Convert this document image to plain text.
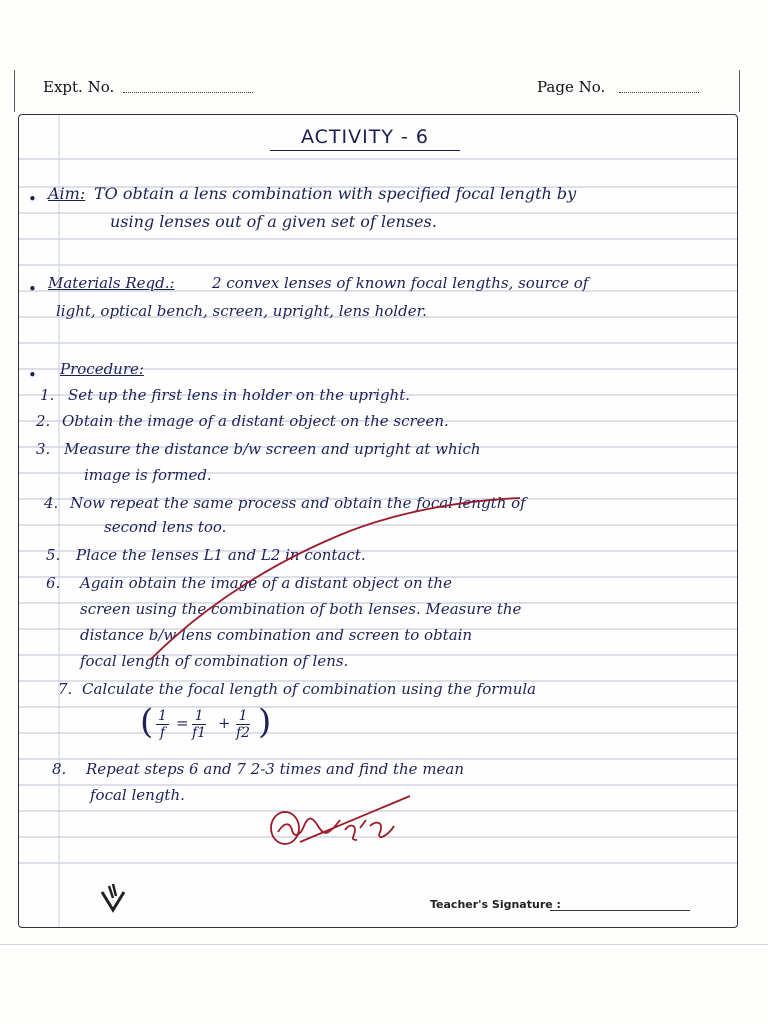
Expt. No.	Page No.
ACTIVITY - 6
• Aim: TO obtain a lens combination with specified focal length by
using lenses out of a given set of lenses.
• Materials Reqd.: 2 convex lenses of known focal lengths, source of
light, optical bench, screen, upright, lens holder.
• Procedure:
1. Set up the first lens in holder on the upright.
2. Obtain the image of a distant object on the screen.
3. Measure the distance b/w screen and upright at which
image is formed.
4. Now repeat the same process and obtain the focal length of
second lens too.
5. Place the lenses L1 and L2 in contact.
6. Again obtain the image of a distant object on the
screen using the combination of both lenses. Measure the
distance b/w lens combination and screen to obtain
focal length of combination of lens.
7. Calculate the focal length of combination using the formula
( $\frac{1}{f} = \frac{1}{f1} + \frac{1}{f2}$ )
8. Repeat steps 6 and 7 2-3 times and find the mean
focal length.
Teacher's Signature :
